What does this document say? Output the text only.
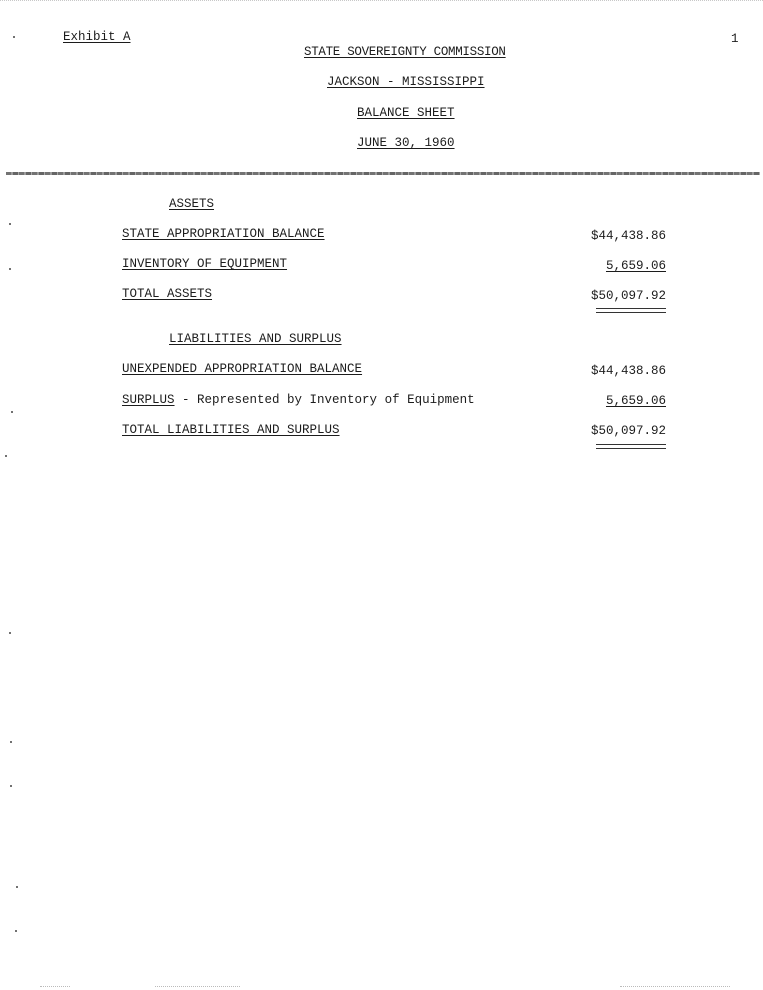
Exhibit A	1
STATE SOVEREIGNTY COMMISSION
JACKSON - MISSISSIPPI
BALANCE SHEET
JUNE 30, 1960
ASSETS
STATE APPROPRIATION BALANCE	$44,438.86
INVENTORY OF EQUIPMENT	5,659.06
TOTAL ASSETS	$50,097.92
LIABILITIES AND SURPLUS
UNEXPENDED APPROPRIATION BALANCE	$44,438.86
SURPLUS - Represented by Inventory of Equipment	5,659.06
TOTAL LIABILITIES AND SURPLUS	$50,097.92
